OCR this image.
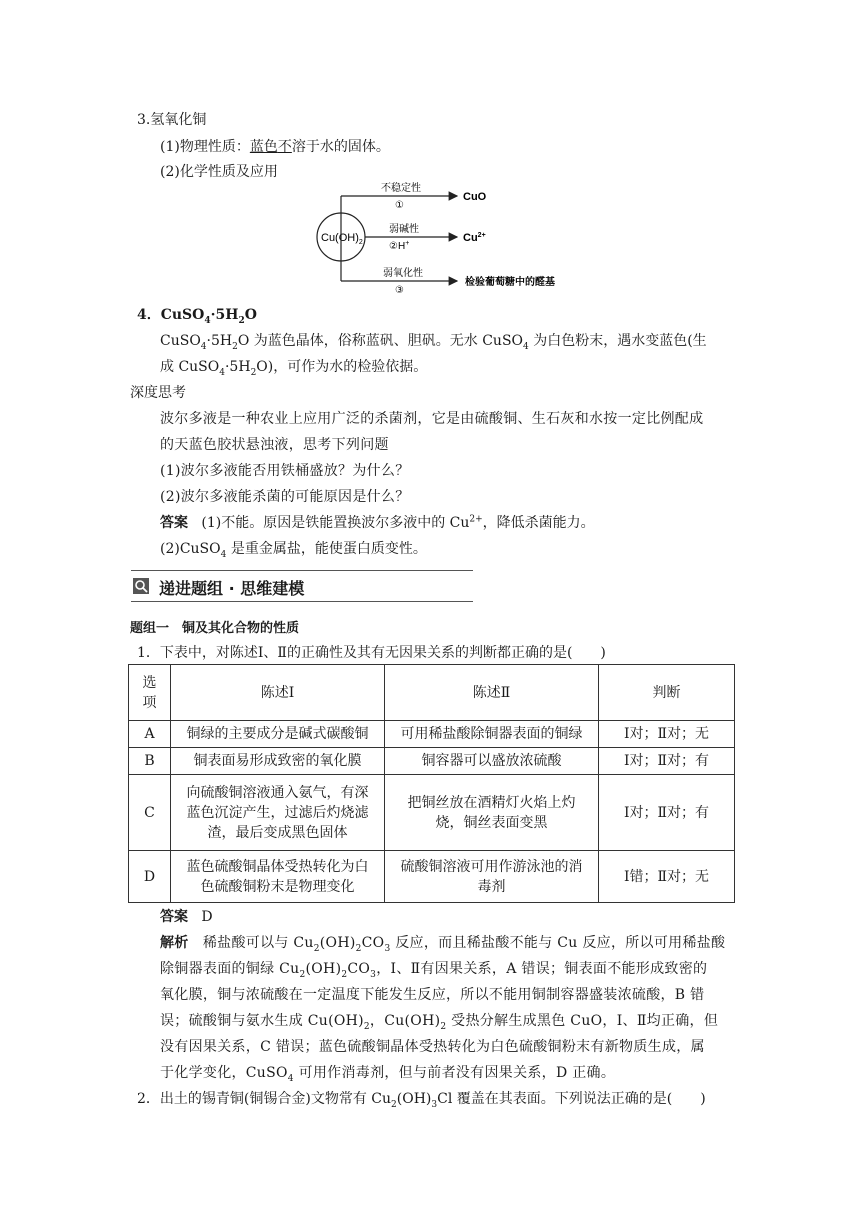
3.氢氧化铜
(1)物理性质：蓝色不溶于水的固体。
(2)化学性质及应用
$Cu(OH)_2$
不稳定性
①
CuO
弱碱性
②H+	$Cu^{2+}$
弱氧化性
③
检验葡萄糖中的醛基
4．$CuSO_4\cdot 5H_2O$
$CuSO_4\cdot 5H_2O$ 为蓝色晶体，俗称蓝矾、胆矾。无水 CuSO$_4$ 为白色粉末，遇水变蓝色(生
成 $CuSO_4\cdot 5H_2O$)，可作为水的检验依据。
深度思考
波尔多液是一种农业上应用广泛的杀菌剂，它是由硫酸铜、生石灰和水按一定比例配成
的天蓝色胶状悬浊液，思考下列问题
(1)波尔多液能否用铁桶盛放？为什么？
(2)波尔多液能杀菌的可能原因是什么？
答案 (1)不能。原因是铁能置换波尔多液中的 $Cu^{2+}$，降低杀菌能力。
(2)CuSO$_4$ 是重金属盐，能使蛋白质变性。
递进题组 · 思维建模
题组一　铜及其化合物的性质
1．下表中，对陈述Ⅰ、Ⅱ的正确性及其有无因果关系的判断都正确的是(　　)
选
项	陈述Ⅰ	陈述Ⅱ	判断
A	铜绿的主要成分是碱式碳酸铜	可用稀盐酸除铜器表面的铜绿	Ⅰ对；Ⅱ对；无
B	铜表面易形成致密的氧化膜	铜容器可以盛放浓硫酸	Ⅰ对；Ⅱ对；有
C	向硫酸铜溶液通入氨气，有深蓝色沉淀产生，过滤后灼烧滤渣，最后变成黑色固体	把铜丝放在酒精灯火焰上灼烧，铜丝表面变黑	Ⅰ对；Ⅱ对；有
D	蓝色硫酸铜晶体受热转化为白色硫酸铜粉末是物理变化	硫酸铜溶液可用作游泳池的消毒剂	Ⅰ错；Ⅱ对；无
答案 D
解析 稀盐酸可以与 $Cu_2(OH)_2CO_3$ 反应，而且稀盐酸不能与 Cu 反应，所以可用稀盐酸
除铜器表面的铜绿 $Cu_2(OH)_2CO_3$，Ⅰ、Ⅱ有因果关系，A 错误；铜表面不能形成致密的
氧化膜，铜与浓硫酸在一定温度下能发生反应，所以不能用铜制容器盛装浓硫酸，B 错
误；硫酸铜与氨水生成 $Cu(OH)_2$，$Cu(OH)_2$ 受热分解生成黑色 CuO，Ⅰ、Ⅱ均正确，但
没有因果关系，C 错误；蓝色硫酸铜晶体受热转化为白色硫酸铜粉末有新物质生成，属
于化学变化，CuSO$_4$ 可用作消毒剂，但与前者没有因果关系，D 正确。
2．出土的锡青铜(铜锡合金)文物常有 $Cu_2(OH)_3Cl$ 覆盖在其表面。下列说法正确的是(　　)
